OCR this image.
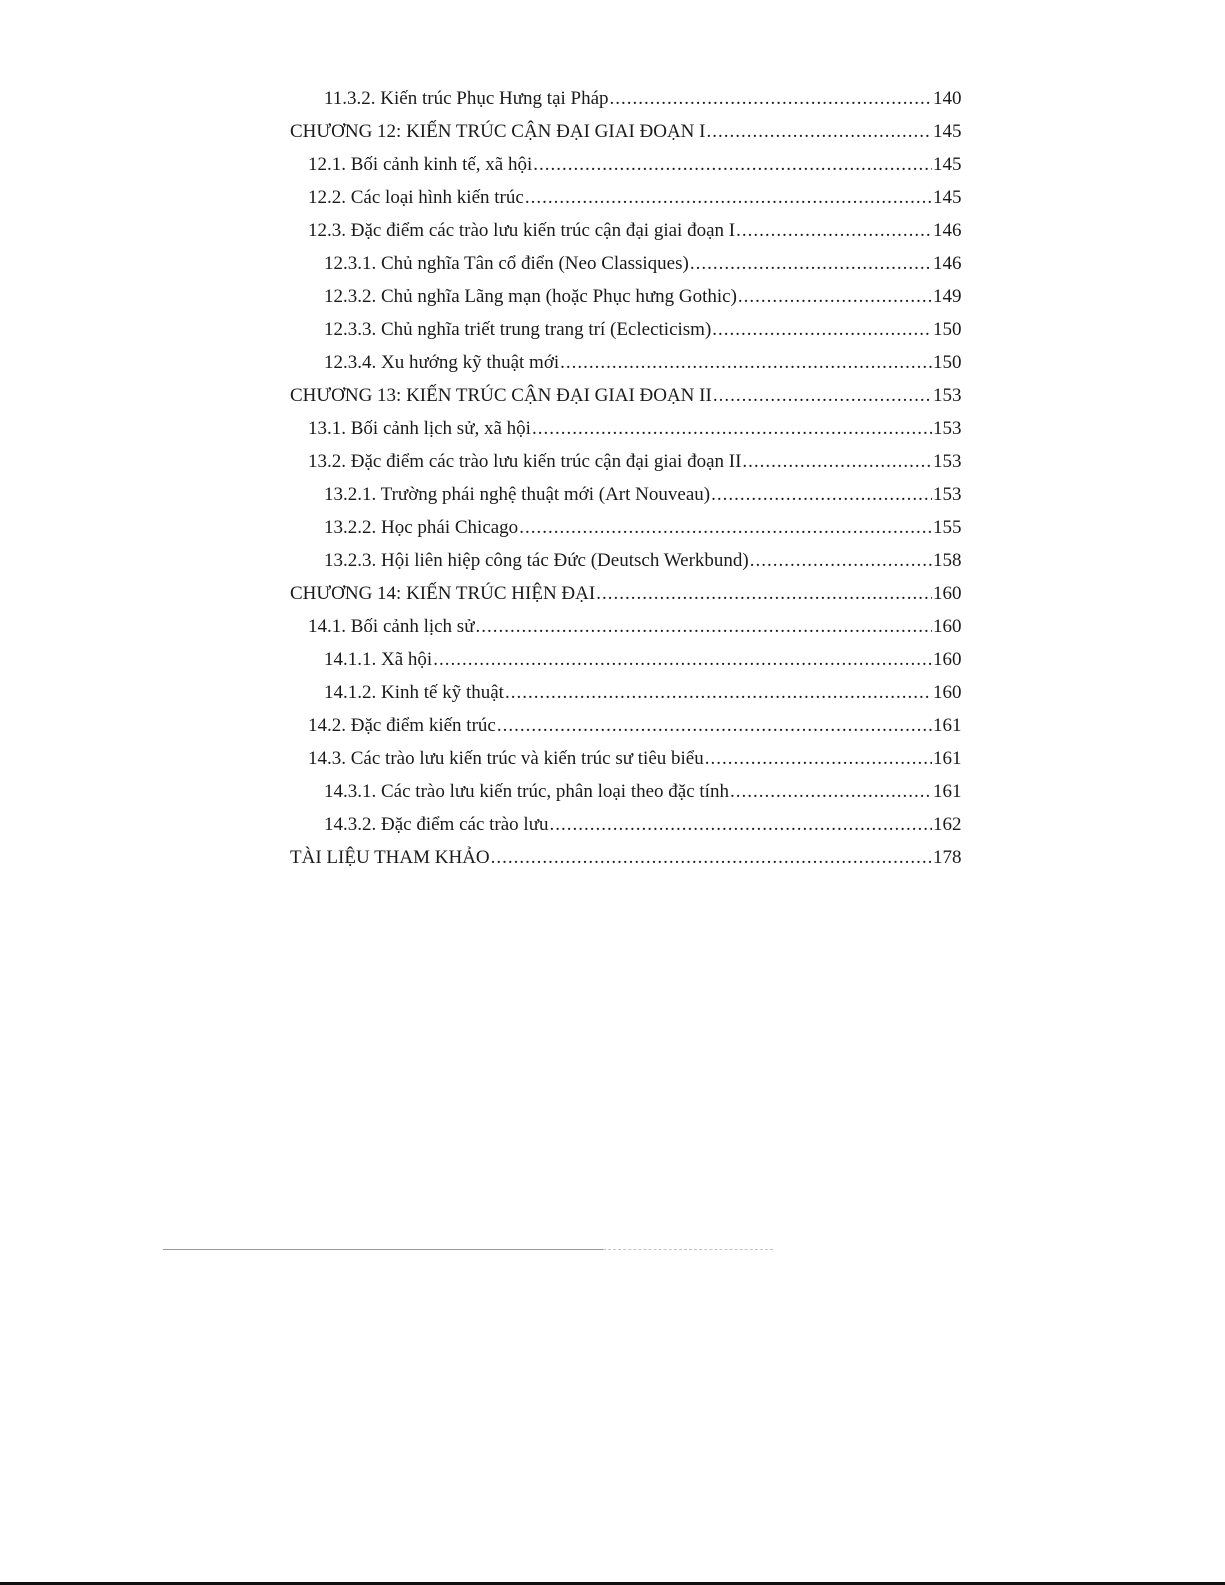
11.3.2. Kiến trúc Phục Hưng tại Pháp .....	140
CHƯƠNG 12: KIẾN TRÚC CẬN ĐẠI GIAI ĐOẠN I .....	145
12.1. Bối cảnh kinh tế, xã hội .....	145
12.2. Các loại hình kiến trúc .....	145
12.3. Đặc điểm các trào lưu kiến trúc cận đại giai đoạn I .....	146
12.3.1. Chủ nghĩa Tân cổ điển (Neo Classiques) .....	146
12.3.2. Chủ nghĩa Lãng mạn (hoặc Phục hưng Gothic) .....	149
12.3.3. Chủ nghĩa triết trung trang trí (Eclecticism) .....	150
12.3.4. Xu hướng kỹ thuật mới .....	150
CHƯƠNG 13: KIẾN TRÚC CẬN ĐẠI GIAI ĐOẠN II .....	153
13.1. Bối cảnh lịch sử, xã hội .....	153
13.2. Đặc điểm các trào lưu kiến trúc cận đại giai đoạn II .....	153
13.2.1. Trường phái nghệ thuật mới (Art Nouveau) .....	153
13.2.2. Học phái Chicago .....	155
13.2.3. Hội liên hiệp công tác Đức (Deutsch Werkbund) .....	158
CHƯƠNG 14: KIẾN TRÚC HIỆN ĐẠI .....	160
14.1. Bối cảnh lịch sử .....	160
14.1.1. Xã hội .....	160
14.1.2. Kinh tế kỹ thuật .....	160
14.2. Đặc điểm kiến trúc .....	161
14.3. Các trào lưu kiến trúc và kiến trúc sư tiêu biểu .....	161
14.3.1. Các trào lưu kiến trúc, phân loại theo đặc tính .....	161
14.3.2. Đặc điểm các trào lưu .....	162
TÀI LIỆU THAM KHẢO .....	178
